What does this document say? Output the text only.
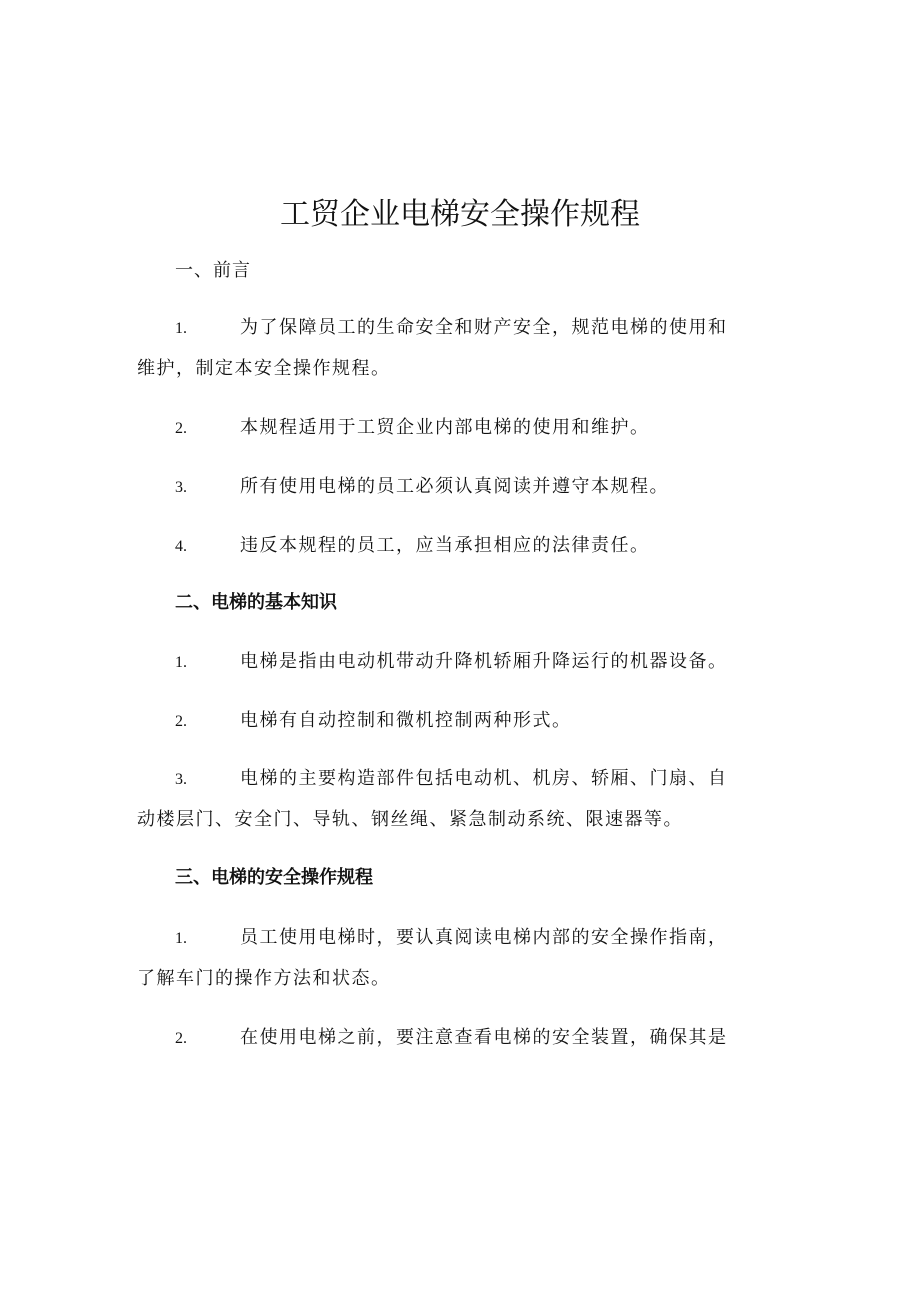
工贸企业电梯安全操作规程

一、前言

1.	为了保障员工的生命安全和财产安全，规范电梯的使用和
维护，制定本安全操作规程。
2.	本规程适用于工贸企业内部电梯的使用和维护。
3.	所有使用电梯的员工必须认真阅读并遵守本规程。
4.	违反本规程的员工，应当承担相应的法律责任。

二、电梯的基本知识

1.	电梯是指由电动机带动升降机轿厢升降运行的机器设备。
2.	电梯有自动控制和微机控制两种形式。
3.	电梯的主要构造部件包括电动机、机房、轿厢、门扇、自
动楼层门、安全门、导轨、钢丝绳、紧急制动系统、限速器等。

三、电梯的安全操作规程

1.	员工使用电梯时，要认真阅读电梯内部的安全操作指南，
了解车门的操作方法和状态。
2.	在使用电梯之前，要注意查看电梯的安全装置，确保其是
